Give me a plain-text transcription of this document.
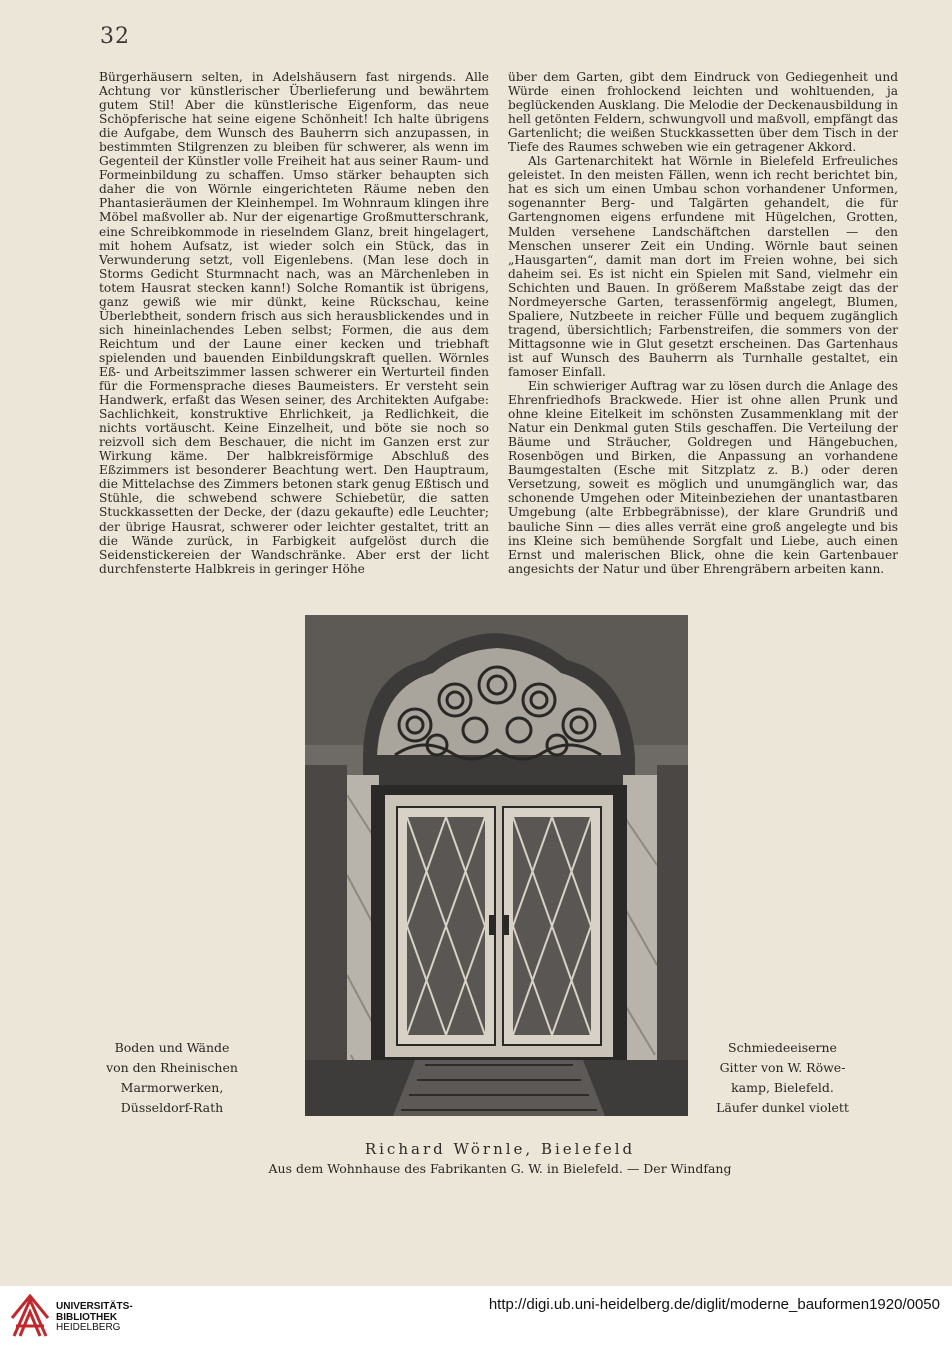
32

Bürgerhäusern selten, in Adelshäusern fast nirgends. Alle Achtung vor künstlerischer Überlieferung und bewährtem gutem Stil! Aber die künstlerische Eigenform, das neue Schöpferische hat seine eigene Schönheit! Ich halte übrigens die Aufgabe, dem Wunsch des Bauherrn sich anzupassen, in bestimmten Stilgrenzen zu bleiben für schwerer, als wenn im Gegenteil der Künstler volle Freiheit hat aus seiner Raum- und Formeinbildung zu schaffen. Umso stärker behaupten sich daher die von Wörnle eingerichteten Räume neben den Phantasieräumen der Kleinhempel. Im Wohnraum klingen ihre Möbel maßvoller ab. Nur der eigenartige Großmutterschrank, eine Schreibkommode in rieselndem Glanz, breit hingelagert, mit hohem Aufsatz, ist wieder solch ein Stück, das in Verwunderung setzt, voll Eigenlebens. (Man lese doch in Storms Gedicht Sturmnacht nach, was an Märchenleben in totem Hausrat stecken kann!) Solche Romantik ist übrigens, ganz gewiß wie mir dünkt, keine Rückschau, keine Überlebtheit, sondern frisch aus sich herausblickendes und in sich hineinlachendes Leben selbst; Formen, die aus dem Reichtum und der Laune einer kecken und triebhaft spielenden und bauenden Einbildungskraft quellen. Wörnles Eß- und Arbeitszimmer lassen schwerer ein Werturteil finden für die Formensprache dieses Baumeisters. Er versteht sein Handwerk, erfaßt das Wesen seiner, des Architekten Aufgabe: Sachlichkeit, konstruktive Ehrlichkeit, ja Redlichkeit, die nichts vortäuscht. Keine Einzelheit, und böte sie noch so reizvoll sich dem Beschauer, die nicht im Ganzen erst zur Wirkung käme. Der halbkreisförmige Abschluß des Eßzimmers ist besonderer Beachtung wert. Den Hauptraum, die Mittelachse des Zimmers betonen stark genug Eßtisch und Stühle, die schwebend schwere Schiebetür, die satten Stuckkassetten der Decke, der (dazu gekaufte) edle Leuchter; der übrige Hausrat, schwerer oder leichter gestaltet, tritt an die Wände zurück, in Farbigkeit aufgelöst durch die Seidenstickereien der Wandschränke. Aber erst der licht durchfensterte Halbkreis in geringer Höhe

über dem Garten, gibt dem Eindruck von Gediegenheit und Würde einen frohlockend leichten und wohltuenden, ja beglückenden Ausklang. Die Melodie der Deckenausbildung in hell getönten Feldern, schwungvoll und maßvoll, empfängt das Gartenlicht; die weißen Stuckkassetten über dem Tisch in der Tiefe des Raumes schweben wie ein getragener Akkord.

Als Gartenarchitekt hat Wörnle in Bielefeld Erfreuliches geleistet. In den meisten Fällen, wenn ich recht berichtet bin, hat es sich um einen Umbau schon vorhandener Unformen, sogenannter Berg- und Talgärten gehandelt, die für Gartengnomen eigens erfundene mit Hügelchen, Grotten, Mulden versehene Landschäftchen darstellen — den Menschen unserer Zeit ein Unding. Wörnle baut seinen „Hausgarten“, damit man dort im Freien wohne, bei sich daheim sei. Es ist nicht ein Spielen mit Sand, vielmehr ein Schichten und Bauen. In größerem Maßstabe zeigt das der Nordmeyersche Garten, terassenförmig angelegt, Blumen, Spaliere, Nutzbeete in reicher Fülle und bequem zugänglich tragend, übersichtlich; Farbenstreifen, die sommers von der Mittagsonne wie in Glut gesetzt erscheinen. Das Gartenhaus ist auf Wunsch des Bauherrn als Turnhalle gestaltet, ein famoser Einfall.

Ein schwieriger Auftrag war zu lösen durch die Anlage des Ehrenfriedhofs Brackwede. Hier ist ohne allen Prunk und ohne kleine Eitelkeit im schönsten Zusammenklang mit der Natur ein Denkmal guten Stils geschaffen. Die Verteilung der Bäume und Sträucher, Goldregen und Hängebuchen, Rosenbögen und Birken, die Anpassung an vorhandene Baumgestalten (Esche mit Sitzplatz z. B.) oder deren Versetzung, soweit es möglich und unumgänglich war, das schonende Umgehen oder Miteinbeziehen der unantastbaren Umgebung (alte Erbbegräbnisse), der klare Grundriß und bauliche Sinn — dies alles verrät eine groß angelegte und bis ins Kleine sich bemühende Sorgfalt und Liebe, auch einen Ernst und malerischen Blick, ohne die kein Gartenbauer angesichts der Natur und über Ehrengräbern arbeiten kann.

Boden und Wände
von den Rheinischen
Marmorwerken,
Düsseldorf-Rath
Schmiedeeiserne
Gitter von W. Röwe-
kamp, Bielefeld.
Läufer dunkel violett
Richard Wörnle, Bielefeld
Aus dem Wohnhause des Fabrikanten G. W. in Bielefeld. — Der Windfang
UNIVERSITÄTS-
BIBLIOTHEK
HEIDELBERG
http://digi.ub.uni-heidelberg.de/diglit/moderne_bauformen1920/0050
